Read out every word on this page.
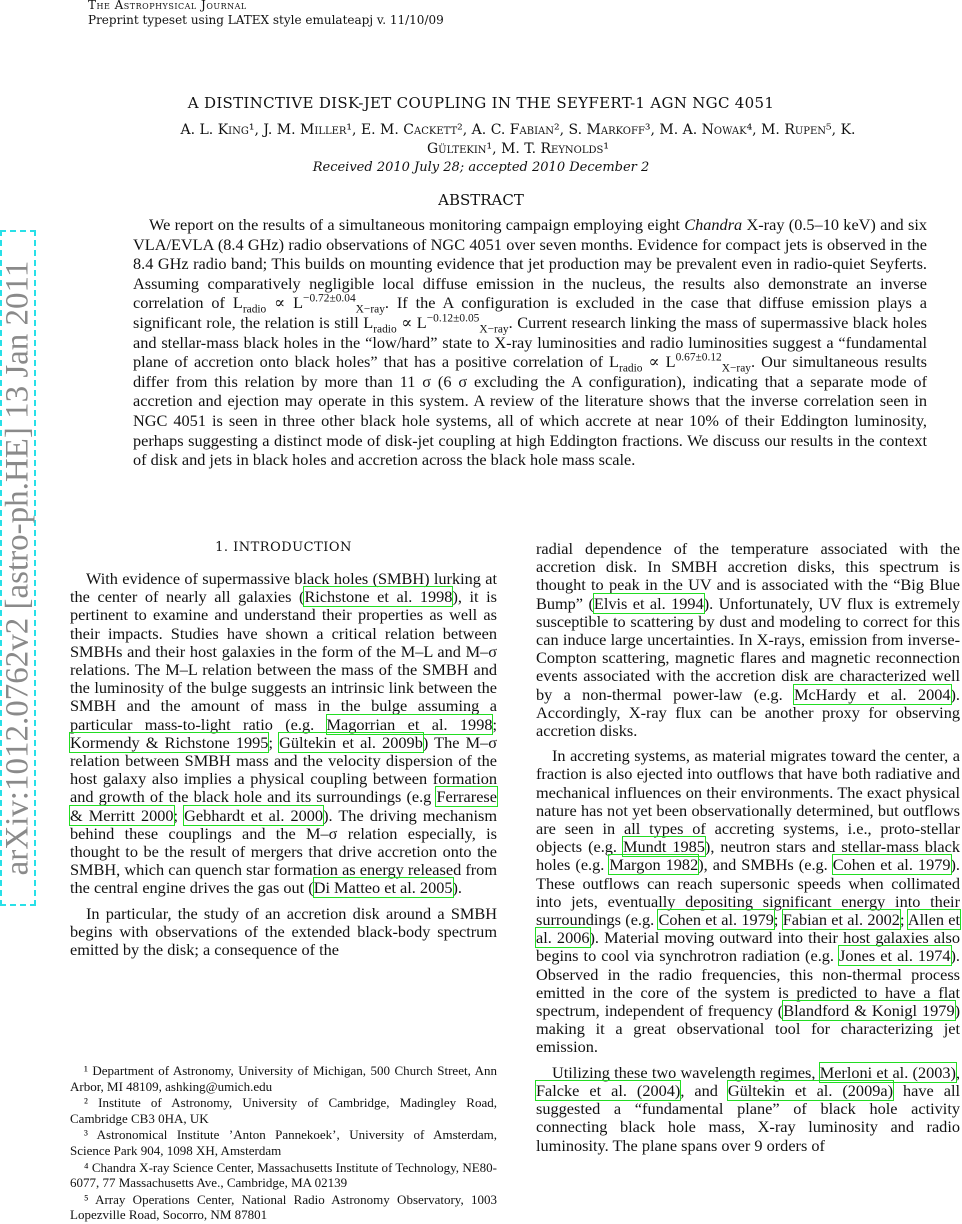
The Astrophysical Journal
Preprint typeset using LATEX style emulateapj v. 11/10/09
arXiv:1012.0762v2 [astro-ph.HE] 13 Jan 2011
A DISTINCTIVE DISK-JET COUPLING IN THE SEYFERT-1 AGN NGC 4051
A. L. King¹, J. M. Miller¹, E. M. Cackett², A. C. Fabian², S. Markoff³, M. A. Nowak⁴, M. Rupen⁵, K.
Gültekin¹, M. T. Reynolds¹
Received 2010 July 28; accepted 2010 December 2
ABSTRACT
We report on the results of a simultaneous monitoring campaign employing eight Chandra X-ray (0.5–10 keV) and six VLA/EVLA (8.4 GHz) radio observations of NGC 4051 over seven months. Evidence for compact jets is observed in the 8.4 GHz radio band; This builds on mounting evidence that jet production may be prevalent even in radio-quiet Seyferts. Assuming comparatively negligible local diffuse emission in the nucleus, the results also demonstrate an inverse correlation of $L_{radio} \propto L^{-0.72\pm 0.04}_{X-ray}$. If the A configuration is excluded in the case that diffuse emission plays a significant role, the relation is still $L_{radio} \propto L^{-0.12\pm 0.05}_{X-ray}$. Current research linking the mass of supermassive black holes and stellar-mass black holes in the “low/hard” state to X-ray luminosities and radio luminosities suggest a “fundamental plane of accretion onto black holes” that has a positive correlation of $L_{radio} \propto L^{0.67\pm 0.12}_{X-ray}$. Our simultaneous results differ from this relation by more than 11 σ (6 σ excluding the A configuration), indicating that a separate mode of accretion and ejection may operate in this system. A review of the literature shows that the inverse correlation seen in NGC 4051 is seen in three other black hole systems, all of which accrete at near 10% of their Eddington luminosity, perhaps suggesting a distinct mode of disk-jet coupling at high Eddington fractions. We discuss our results in the context of disk and jets in black holes and accretion across the black hole mass scale.
1. INTRODUCTION

With evidence of supermassive black holes (SMBH) lurking at the center of nearly all galaxies (Richstone et al. 1998), it is pertinent to examine and understand their properties as well as their impacts. Studies have shown a critical relation between SMBHs and their host galaxies in the form of the M–L and M–σ relations. The M–L relation between the mass of the SMBH and the luminosity of the bulge suggests an intrinsic link between the SMBH and the amount of mass in the bulge assuming a particular mass-to-light ratio (e.g. Magorrian et al. 1998; Kormendy & Richstone 1995; Gültekin et al. 2009b) The M–σ relation between SMBH mass and the velocity dispersion of the host galaxy also implies a physical coupling between formation and growth of the black hole and its surroundings (e.g Ferrarese & Merritt 2000; Gebhardt et al. 2000). The driving mechanism behind these couplings and the M–σ relation especially, is thought to be the result of mergers that drive accretion onto the SMBH, which can quench star formation as energy released from the central engine drives the gas out (Di Matteo et al. 2005).

In particular, the study of an accretion disk around a SMBH begins with observations of the extended black-body spectrum emitted by the disk; a consequence of the

¹ Department of Astronomy, University of Michigan, 500 Church Street, Ann Arbor, MI 48109, ashking@umich.edu
² Institute of Astronomy, University of Cambridge, Madingley Road, Cambridge CB3 0HA, UK
³ Astronomical Institute ’Anton Pannekoek’, University of Amsterdam, Science Park 904, 1098 XH, Amsterdam
⁴ Chandra X-ray Science Center, Massachusetts Institute of Technology, NE80-6077, 77 Massachusetts Ave., Cambridge, MA 02139
⁵ Array Operations Center, National Radio Astronomy Observatory, 1003 Lopezville Road, Socorro, NM 87801

radial dependence of the temperature associated with the accretion disk. In SMBH accretion disks, this spectrum is thought to peak in the UV and is associated with the “Big Blue Bump” (Elvis et al. 1994). Unfortunately, UV flux is extremely susceptible to scattering by dust and modeling to correct for this can induce large uncertainties. In X-rays, emission from inverse-Compton scattering, magnetic flares and magnetic reconnection events associated with the accretion disk are characterized well by a non-thermal power-law (e.g. McHardy et al. 2004). Accordingly, X-ray flux can be another proxy for observing accretion disks.

In accreting systems, as material migrates toward the center, a fraction is also ejected into outflows that have both radiative and mechanical influences on their environments. The exact physical nature has not yet been observationally determined, but outflows are seen in all types of accreting systems, i.e., proto-stellar objects (e.g. Mundt 1985), neutron stars and stellar-mass black holes (e.g. Margon 1982), and SMBHs (e.g. Cohen et al. 1979). These outflows can reach supersonic speeds when collimated into jets, eventually depositing significant energy into their surroundings (e.g. Cohen et al. 1979; Fabian et al. 2002; Allen et al. 2006). Material moving outward into their host galaxies also begins to cool via synchrotron radiation (e.g. Jones et al. 1974). Observed in the radio frequencies, this non-thermal process emitted in the core of the system is predicted to have a flat spectrum, independent of frequency (Blandford & Konigl 1979) making it a great observational tool for characterizing jet emission.

Utilizing these two wavelength regimes, Merloni et al. (2003), Falcke et al. (2004), and Gültekin et al. (2009a) have all suggested a “fundamental plane” of black hole activity connecting black hole mass, X-ray luminosity and radio luminosity. The plane spans over 9 orders of
